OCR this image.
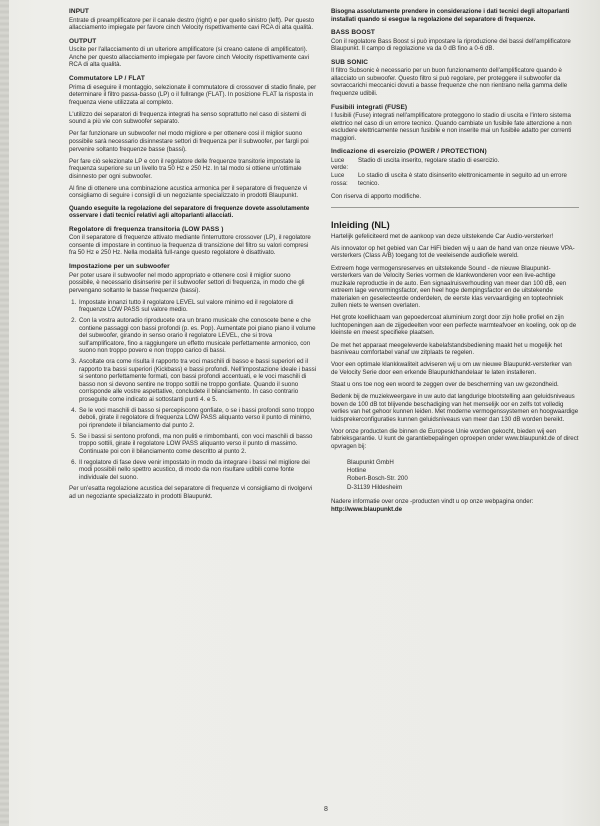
INPUT

Entrate di preamplificatore per il canale destro (right) e per quello sinistro (left). Per questo allacciamento impiegate per favore cinch Velocity rispettivamente cavi RCA di alta qualità.

OUTPUT

Uscite per l'allacciamento di un ulteriore amplificatore (si creano catene di amplificatori). Anche per questo allacciamento impiegate per favore cinch Velocity rispettivamente cavi RCA di alta qualità.

Commutatore LP / FLAT

Prima di eseguire il montaggio, selezionate il commutatore di crossover di stadio finale, per determinare il filtro passa-basso (LP) o il fullrange (FLAT). In posizione FLAT la risposta in frequenza viene utilizzata al completo.

L'utilizzo dei separatori di frequenza integrati ha senso soprattutto nel caso di sistemi di sound a più vie con subwoofer separato.

Per far funzionare un subwoofer nel modo migliore e per ottenere così il miglior suono possibile sarà necessario disinnestare settori di frequenza per il subwoofer, per fargli poi pervenire soltanto frequenze basse (bassi).

Per fare ciò selezionate LP e con il regolatore delle frequenze transitorie impostate la frequenza superiore su un livello tra 50 Hz e 250 Hz. In tal modo si ottiene un'ottimale disinnesto per ogni subwoofer.

Al fine di ottenere una combinazione acustica armonica per il separatore di frequenze vi consigliamo di seguire i consigli di un negoziante specializzato in prodotti Blaupunkt.

Quando eseguite la regolazione del separatore di frequenze dovete assolutamente osservare i dati tecnici relativi agli altoparlanti allacciati.

Regolatore di frequenza transitoria (LOW PASS )

Con il separatore di frequenze attivato mediante l'interruttore crossover (LP), il regolatore consente di impostare in continuo la frequenza di transizione del filtro su valori compresi fra 50 Hz e 250 Hz. Nella modalità full-range questo regolatore è disattivato.

Impostazione per un subwoofer

Per poter usare il subwoofer nel modo appropriato e ottenere così il miglior suono possibile, è necessario disinserire per il subwoofer settori di frequenza, in modo che gli pervengano soltanto le basse frequenze (bassi).

1. Impostate innanzi tutto il regolatore LEVEL sul valore minimo ed il regolatore di frequenze LOW PASS sul valore medio.
2. Con la vostra autoradio riproducete ora un brano musicale che conoscete bene e che contiene passaggi con bassi profondi (p. es. Pop). Aumentate poi piano piano il volume del subwoofer, girando in senso orario il regolatore LEVEL, che si trova sull'amplificatore, fino a raggiungere un effetto musicale perfettamente armonico, con suono non troppo povero e non troppo carico di bassi.
3. Ascoltate ora come risulta il rapporto tra voci maschili di basso e bassi superiori ed il rapporto tra bassi superiori (Kickbass) e bassi profondi. Nell'impostazione ideale i bassi si sentono perfettamente formati, con bassi profondi accentuati, e le voci maschili di basso non si devono sentire ne troppo sottili ne troppo gonfiate. Quando il suono corrisponde alle vostre aspettative, concludete il bilanciamento. In caso contrario proseguite come indicato ai sottostanti punti 4. e 5.
4. Se le voci maschili di basso si percepiscono gonfiate, o se i bassi profondi sono troppo deboli, girate il regolatore di frequenza LOW PASS aliquanto verso il punto di minimo, poi riprendete il bilanciamento dal punto 2.
5. Se i bassi si sentono profondi, ma non puliti e rimbombanti, con voci maschili di basso troppo sottili, girate il regolatore LOW PASS aliquanto verso il punto di massimo. Continuate poi con il bilanciamento come descritto al punto 2.
6. Il regolatore di fase deve venir impostato in modo da integrare i bassi nel migliore dei modi possibili nello spettro acustico, di modo da non risultare udibili come fonte individuale del suono.

Per un'esatta regolazione acustica del separatore di frequenze vi consigliamo di rivolgervi ad un negoziante specializzato in prodotti Blaupunkt.

Bisogna assolutamente prendere in considerazione i dati tecnici degli altoparlanti installati quando si esegue la regolazione del separatore di frequenze.

BASS BOOST

Con il regolatore Bass Boost si può impostare la riproduzione dei bassi dell'amplificatore Blaupunkt. Il campo di regolazione va da 0 dB fino a 0-6 dB.

SUB SONIC

Il filtro Subsonic è necessario per un buon funzionamento dell'amplificatore quando è allacciato un subwoofer. Questo filtro si può regolare, per proteggere il subwoofer da sovraccarichi meccanici dovuti a basse frequenze che non rientrano nella gamma delle frequenze udibili.

Fusibili integrati (FUSE)

I fusibili (Fuse) integrati nell'amplificatore proteggono lo stadio di uscita e l'intero sistema elettrico nel caso di un errore tecnico. Quando cambiate un fusibile fate attenzione a non escludere elettricamente nessun fusibile e non inserite mai un fusibile adatto per correnti maggiori.

Indicazione di esercizio (POWER / PROTECTION)
Luce verde:
Stadio di uscita inserito, regolare stadio di esercizio.
Luce rossa:
Lo stadio di uscita è stato disinserito elettronicamente in seguito ad un errore tecnico.

Con riserva di apporto modifiche.

Inleiding (NL)

Hartelijk gefeliciteerd met de aankoop van deze uitstekende Car Audio-versterker!

Als innovator op het gebied van Car HiFi bieden wij u aan de hand van onze nieuwe VPA-versterkers (Class A/B) toegang tot de veeleisende audiofiele wereld.

Extreem hoge vermogensreserves en uitstekende Sound - de nieuwe Blaupunkt-versterkers van de Velocity Series vormen de klankwonderen voor een live-achtige muzikale reproductie in de auto. Een signaalruisverhouding van meer dan 100 dB, een extreem lage vervormingsfactor, een heel hoge dempingsfactor en de uitstekende materialen en geselecteerde onderdelen, de eerste klas vervaardiging en topteohniek zullen niets te wensen overlaten.

Het grote koellichaam van gepoedercoat aluminium zorgt door zijn holle profiel en zijn luchtopeningen aan de zijgedeelten voor een perfecte warmteafvoer en koeling, ook op de kleinste en meest specifieke plaatsen.

De met het apparaat meegeleverde kabelafstandsbediening maakt het u mogelijk het basniveau comfortabel vanaf uw zitplaats te regelen.

Voor een optimale klankkwaliteit adviseren wij u om uw nieuwe Blaupunkt-versterker van de Velocity Serie door een erkende Blaupunkthandelaar te laten installeren.

Staat u ons toe nog een woord te zeggen over de bescherming van uw gezondheid.

Bedenk bij de muziekweergave in uw auto dat langdurige blootstelling aan geluidsniveaus boven de 100 dB tot blijvende beschadiging van het menselijk oor en zelfs tot volledig verlies van het gehoor kunnen leiden. Met moderne vermogenssystemen en hoogwaardige luidsprekerconfiguraties kunnen geluidsniveaus van meer dan 130 dB worden bereikt.

Voor onze producten die binnen de Europese Unie worden gekocht, bieden wij een fabrieksgarantie. U kunt de garantiebepalingen oproepen onder www.blaupunkt.de of direct opvragen bij:

Blaupunkt GmbH
Hotline
Robert-Bosch-Str. 200
D-31139 Hildesheim

Nadere informatie over onze -producten vindt u op onze webpagina onder: http://www.blaupunkt.de

8
